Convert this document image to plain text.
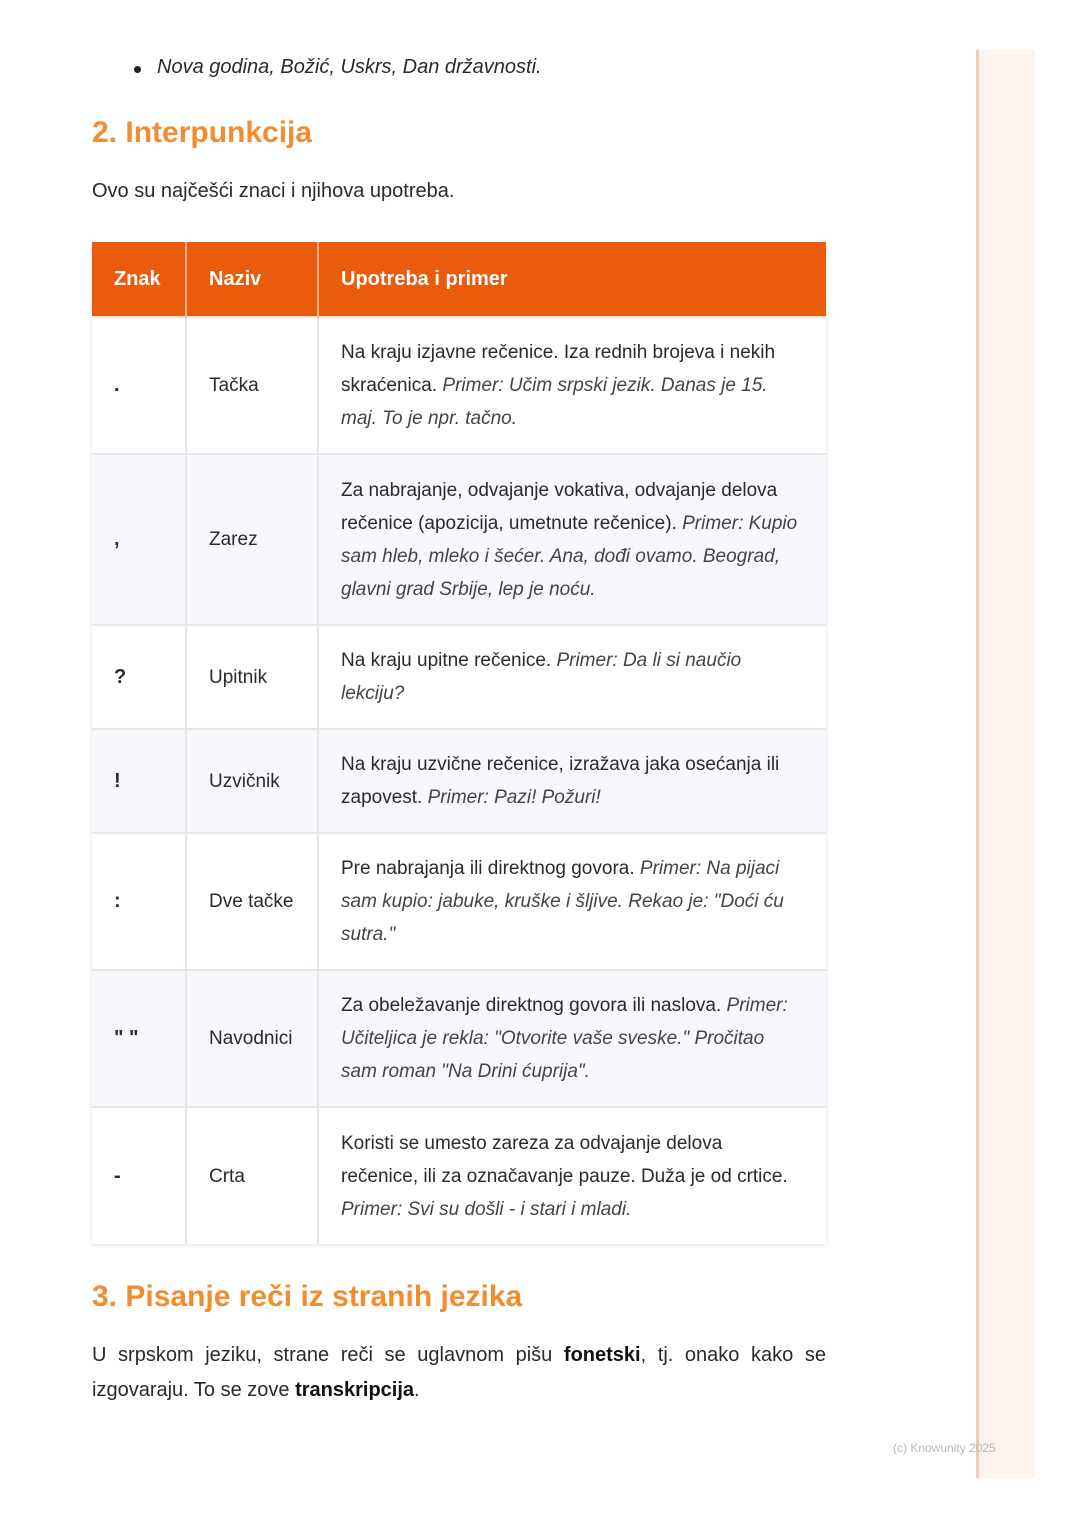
Nova godina, Božić, Uskrs, Dan državnosti.
2. Interpunkcija
Ovo su najčešći znaci i njihova upotreba.
Znak	Naziv	Upotreba i primer
.	Tačka	Na kraju izjavne rečenice. Iza rednih brojeva i nekih skraćenica. Primer: Učim srpski jezik. Danas je 15. maj. To je npr. tačno.
,	Zarez	Za nabrajanje, odvajanje vokativa, odvajanje delova rečenice (apozicija, umetnute rečenice). Primer: Kupio sam hleb, mleko i šećer. Ana, dođi ovamo. Beograd, glavni grad Srbije, lep je noću.
?	Upitnik	Na kraju upitne rečenice. Primer: Da li si naučio lekciju?
!	Uzvičnik	Na kraju uzvične rečenice, izražava jaka osećanja ili zapovest. Primer: Pazi! Požuri!
:	Dve tačke	Pre nabrajanja ili direktnog govora. Primer: Na pijaci sam kupio: jabuke, kruške i šljive. Rekao je: "Doći ću sutra."
" "	Navodnici	Za obeležavanje direktnog govora ili naslova. Primer: Učiteljica je rekla: "Otvorite vaše sveske." Pročitao sam roman "Na Drini ćuprija".
-	Crta	Koristi se umesto zareza za odvajanje delova rečenice, ili za označavanje pauze. Duža je od crtice. Primer: Svi su došli - i stari i mladi.
3. Pisanje reči iz stranih jezika
U srpskom jeziku, strane reči se uglavnom pišu fonetski, tj. onako kako se izgovaraju. To se zove transkripcija.
(c) Knowunity 2025
